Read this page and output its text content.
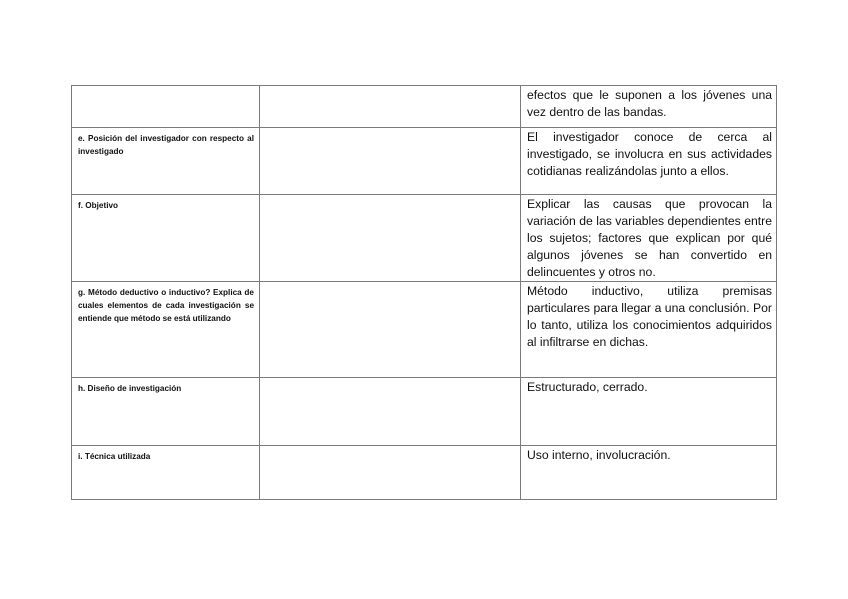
		efectos que le suponen a los jóvenes una vez dentro de las bandas.
e. Posición del investigador con respecto al investigado		El investigador conoce de cerca al investigado, se involucra en sus actividades cotidianas realizándolas junto a ellos.
f. Objetivo		Explicar las causas que provocan la variación de las variables dependientes entre los sujetos; factores que explican por qué algunos jóvenes se han convertido en delincuentes y otros no.
g. Método deductivo o inductivo? Explica de cuales elementos de cada investigación se entiende que método se está utilizando		Método inductivo, utiliza premisas particulares para llegar a una conclusión. Por lo tanto, utiliza los conocimientos adquiridos al infiltrarse en dichas.
h. Diseño de investigación		Estructurado, cerrado.
i. Técnica utilizada		Uso interno, involucración.
